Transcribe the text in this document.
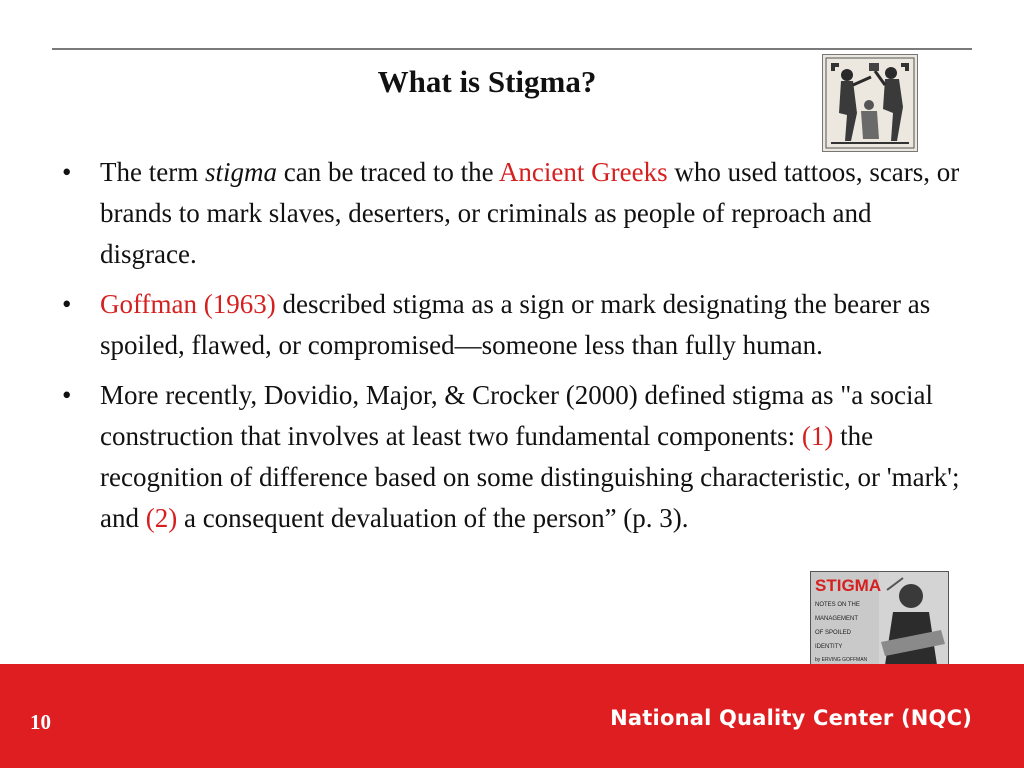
What is Stigma?
• The term stigma can be traced to the Ancient Greeks who used tattoos, scars, or brands to mark slaves, deserters, or criminals as people of reproach and disgrace.
• Goffman (1963) described stigma as a sign or mark designating the bearer as spoiled, flawed, or compromised—someone less than fully human.
• More recently, Dovidio, Major, & Crocker (2000) defined stigma as "a social construction that involves at least two fundamental components: (1) the recognition of difference based on some distinguishing characteristic, or 'mark'; and (2) a consequent devaluation of the person” (p. 3).
STIGMA
NOTES ON THE
MANAGEMENT
OF SPOILED
IDENTITY
by ERVING GOFFMAN
10	National Quality Center (NQC)
